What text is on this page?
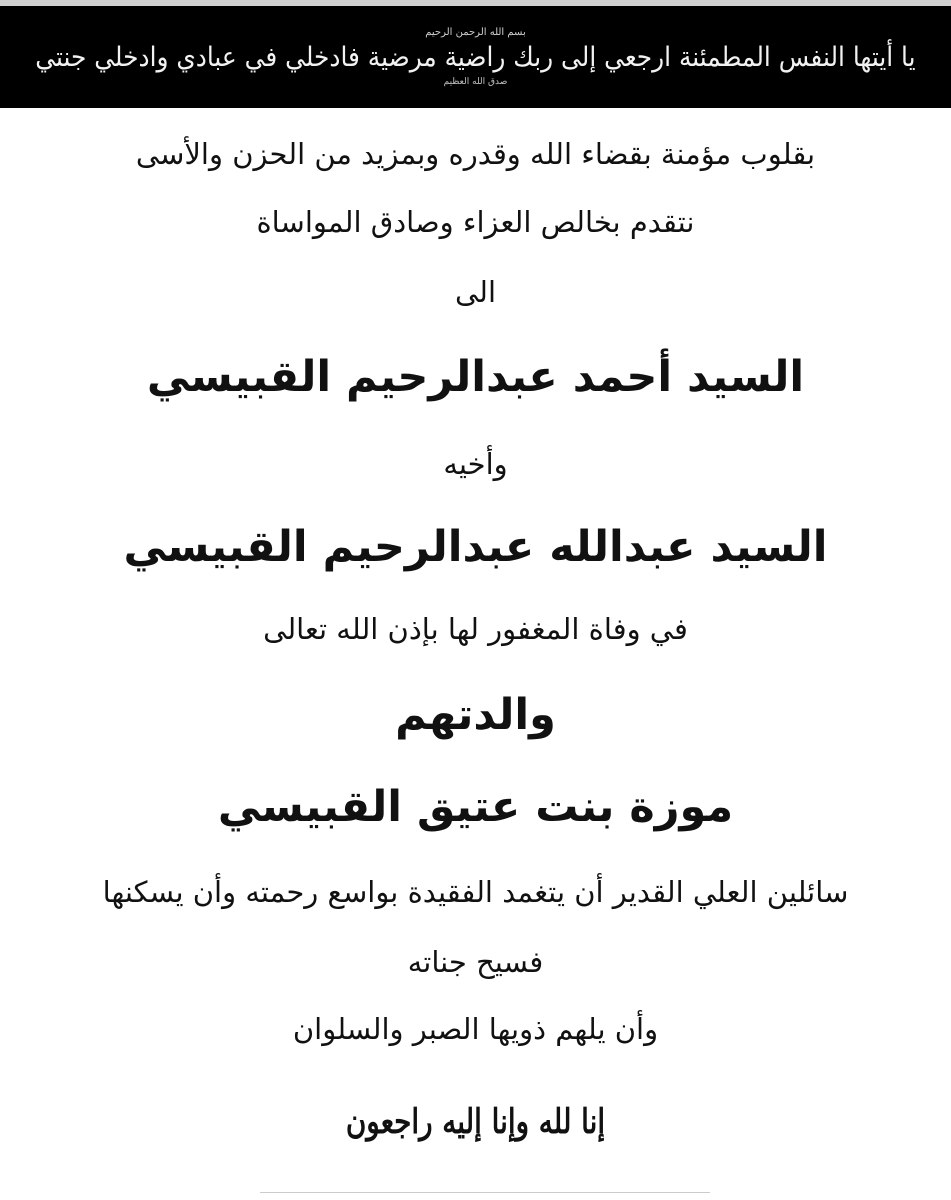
بسم الله الرحمن الرحيم
يا أيتها النفس المطمئنة ارجعي إلى ربك راضية مرضية فادخلي في عبادي وادخلي جنتي
صدق الله العظيم
بقلوب مؤمنة بقضاء الله وقدره وبمزيد من الحزن والأسى
نتقدم بخالص العزاء وصادق المواساة
الى
السيد أحمد عبدالرحيم القبيسي
وأخيه
السيد عبدالله عبدالرحيم القبيسي
في وفاة المغفور لها بإذن الله تعالى
والدتهم
موزة بنت عتيق القبيسي
سائلين العلي القدير أن يتغمد الفقيدة بواسع رحمته وأن يسكنها
فسيح جناته
وأن يلهم ذويها الصبر والسلوان
إنا لله وإنا إليه راجعون
